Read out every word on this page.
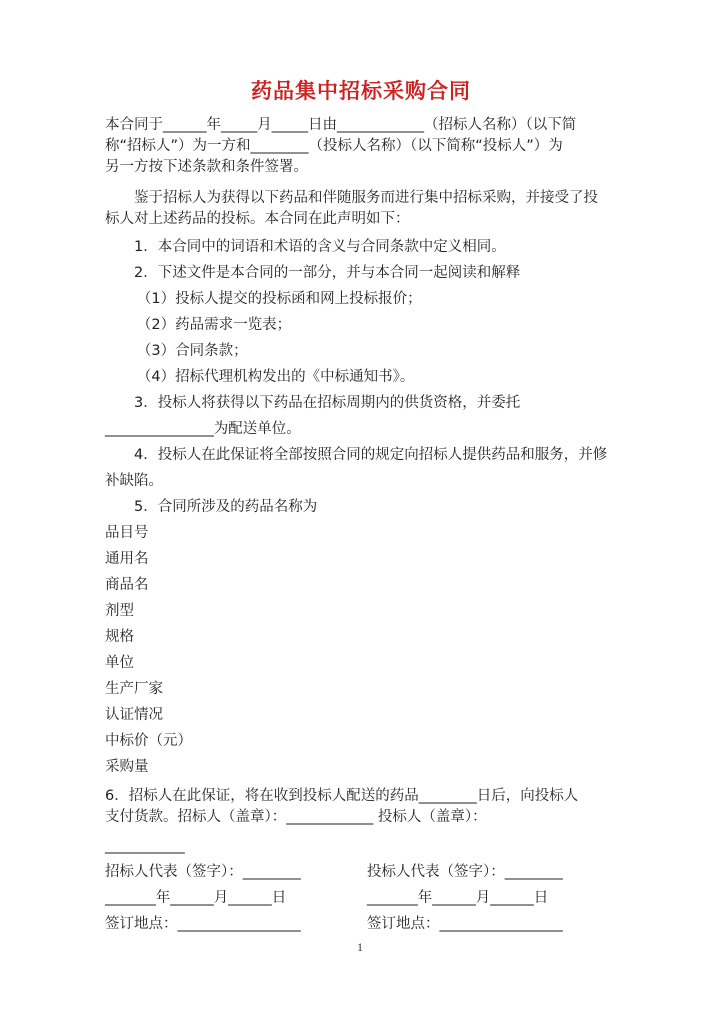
药品集中招标采购合同

本合同于______年_____月_____日由____________（招标人名称）（以下简

称“招标人”）为一方和________（投标人名称）（以下简称“投标人”）为

另一方按下述条款和条件签署。

鉴于招标人为获得以下药品和伴随服务而进行集中招标采购，并接受了投

标人对上述药品的投标。本合同在此声明如下：

1．本合同中的词语和术语的含义与合同条款中定义相同。

2．下述文件是本合同的一部分，并与本合同一起阅读和解释

（1）投标人提交的投标函和网上投标报价；

（2）药品需求一览表；

（3）合同条款；

（4）招标代理机构发出的《中标通知书》。

3．投标人将获得以下药品在招标周期内的供货资格，并委托

_______________为配送单位。

4．投标人在此保证将全部按照合同的规定向招标人提供药品和服务，并修

补缺陷。

5．合同所涉及的药品名称为

品目号

通用名

商品名

剂型

规格

单位

生产厂家

认证情况

中标价（元）

采购量

6．招标人在此保证，将在收到投标人配送的药品________日后，向投标人

支付货款。招标人（盖章）：____________ 投标人（盖章）：

___________

招标人代表（签字）：________	投标人代表（签字）：________
_______年______月______日	_______年______月______日
签订地点：_________________	签订地点：_________________
1
